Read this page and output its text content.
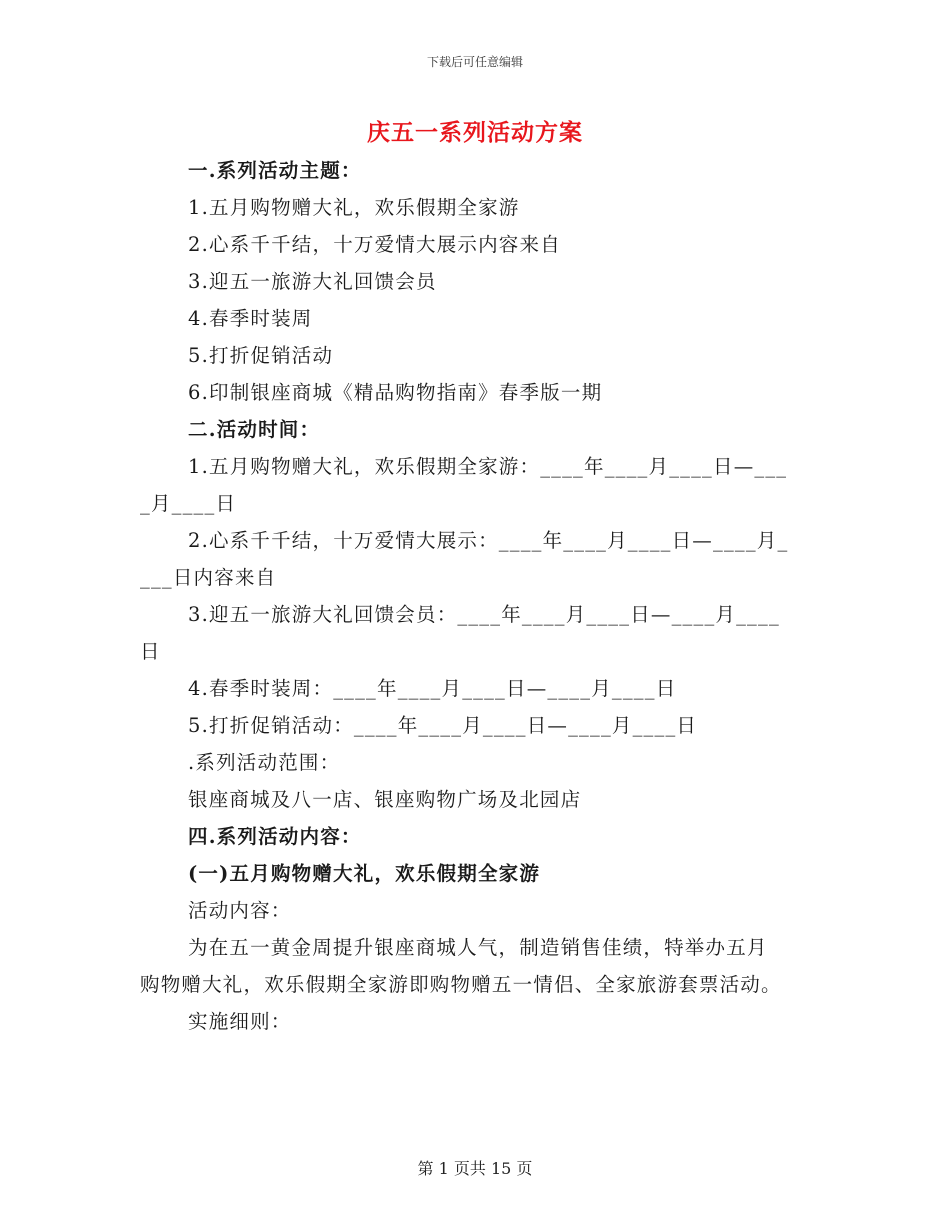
下载后可任意编辑
庆五一系列活动方案
一.系列活动主题：
1.五月购物赠大礼，欢乐假期全家游
2.心系千千结，十万爱情大展示内容来自
3.迎五一旅游大礼回馈会员
4.春季时装周
5.打折促销活动
6.印制银座商城《精品购物指南》春季版一期
二.活动时间：
1.五月购物赠大礼，欢乐假期全家游：____年____月____日—___
_月____日
2.心系千千结，十万爱情大展示：____年____月____日—____月_
___日内容来自
3.迎五一旅游大礼回馈会员：____年____月____日—____月____
日
4.春季时装周：____年____月____日—____月____日
5.打折促销活动：____年____月____日—____月____日
.系列活动范围：
银座商城及八一店、银座购物广场及北园店
四.系列活动内容：
(一)五月购物赠大礼，欢乐假期全家游
活动内容：
为在五一黄金周提升银座商城人气，制造销售佳绩，特举办五月
购物赠大礼，欢乐假期全家游即购物赠五一情侣、全家旅游套票活动。
实施细则：
第 1 页共 15 页
